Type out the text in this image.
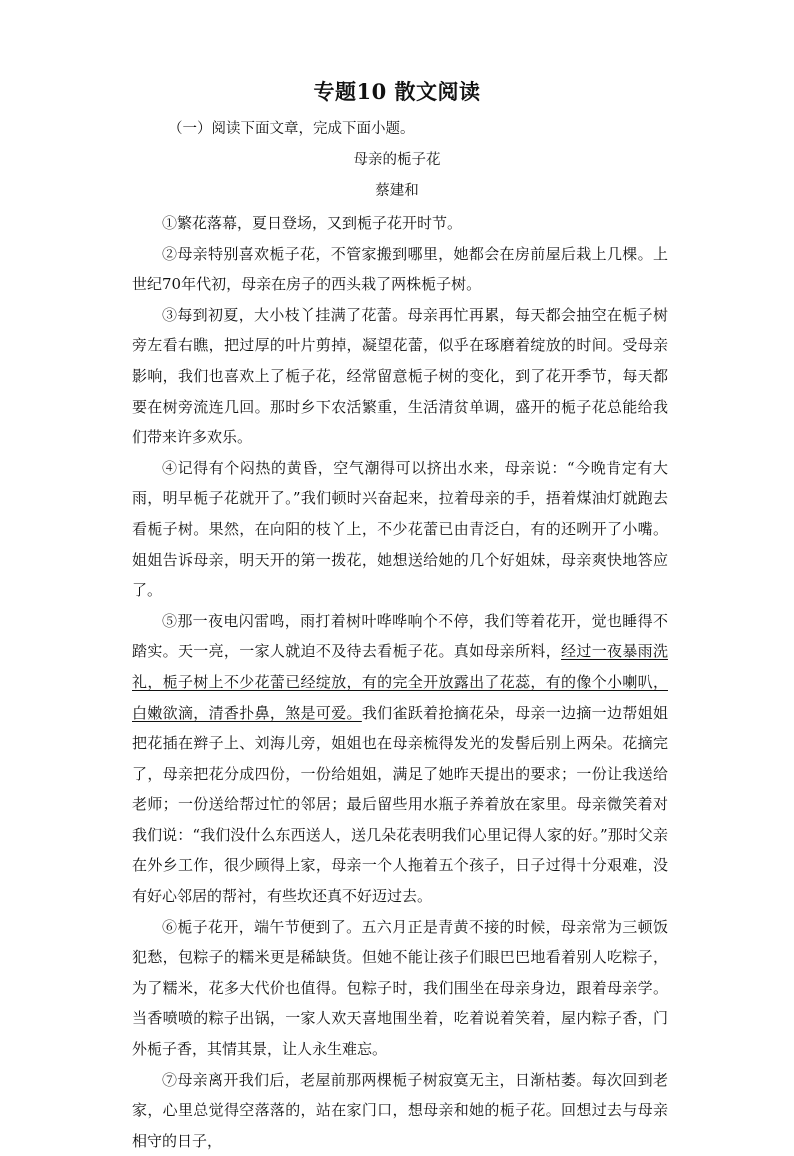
专题10 散文阅读
（一）阅读下面文章，完成下面小题。
母亲的栀子花
蔡建和

①繁花落幕，夏日登场，又到栀子花开时节。

②母亲特别喜欢栀子花，不管家搬到哪里，她都会在房前屋后栽上几棵。上世纪70年代初，母亲在房子的西头栽了两株栀子树。

③每到初夏，大小枝丫挂满了花蕾。母亲再忙再累，每天都会抽空在栀子树旁左看右瞧，把过厚的叶片剪掉，凝望花蕾，似乎在琢磨着绽放的时间。受母亲影响，我们也喜欢上了栀子花，经常留意栀子树的变化，到了花开季节，每天都要在树旁流连几回。那时乡下农活繁重，生活清贫单调，盛开的栀子花总能给我们带来许多欢乐。

④记得有个闷热的黄昏，空气潮得可以挤出水来，母亲说：“今晚肯定有大雨，明早栀子花就开了。”我们顿时兴奋起来，拉着母亲的手，捂着煤油灯就跑去看栀子树。果然，在向阳的枝丫上，不少花蕾已由青泛白，有的还咧开了小嘴。姐姐告诉母亲，明天开的第一拨花，她想送给她的几个好姐妹，母亲爽快地答应了。

⑤那一夜电闪雷鸣，雨打着树叶哗哗响个不停，我们等着花开，觉也睡得不踏实。天一亮，一家人就迫不及待去看栀子花。真如母亲所料，经过一夜暴雨洗礼，栀子树上不少花蕾已经绽放，有的完全开放露出了花蕊，有的像个小喇叭，白嫩欲滴，清香扑鼻，煞是可爱。我们雀跃着抢摘花朵，母亲一边摘一边帮姐姐把花插在辫子上、刘海儿旁，姐姐也在母亲梳得发光的发髻后别上两朵。花摘完了，母亲把花分成四份，一份给姐姐，满足了她昨天提出的要求；一份让我送给老师；一份送给帮过忙的邻居；最后留些用水瓶子养着放在家里。母亲微笑着对我们说：“我们没什么东西送人，送几朵花表明我们心里记得人家的好。”那时父亲在外乡工作，很少顾得上家，母亲一个人拖着五个孩子，日子过得十分艰难，没有好心邻居的帮衬，有些坎还真不好迈过去。

⑥栀子花开，端午节便到了。五六月正是青黄不接的时候，母亲常为三顿饭犯愁，包粽子的糯米更是稀缺货。但她不能让孩子们眼巴巴地看着别人吃粽子，为了糯米，花多大代价也值得。包粽子时，我们围坐在母亲身边，跟着母亲学。当香喷喷的粽子出锅，一家人欢天喜地围坐着，吃着说着笑着，屋内粽子香，门外栀子香，其情其景，让人永生难忘。

⑦母亲离开我们后，老屋前那两棵栀子树寂寞无主，日渐枯萎。每次回到老家，心里总觉得空落落的，站在家门口，想母亲和她的栀子花。回想过去与母亲相守的日子，
